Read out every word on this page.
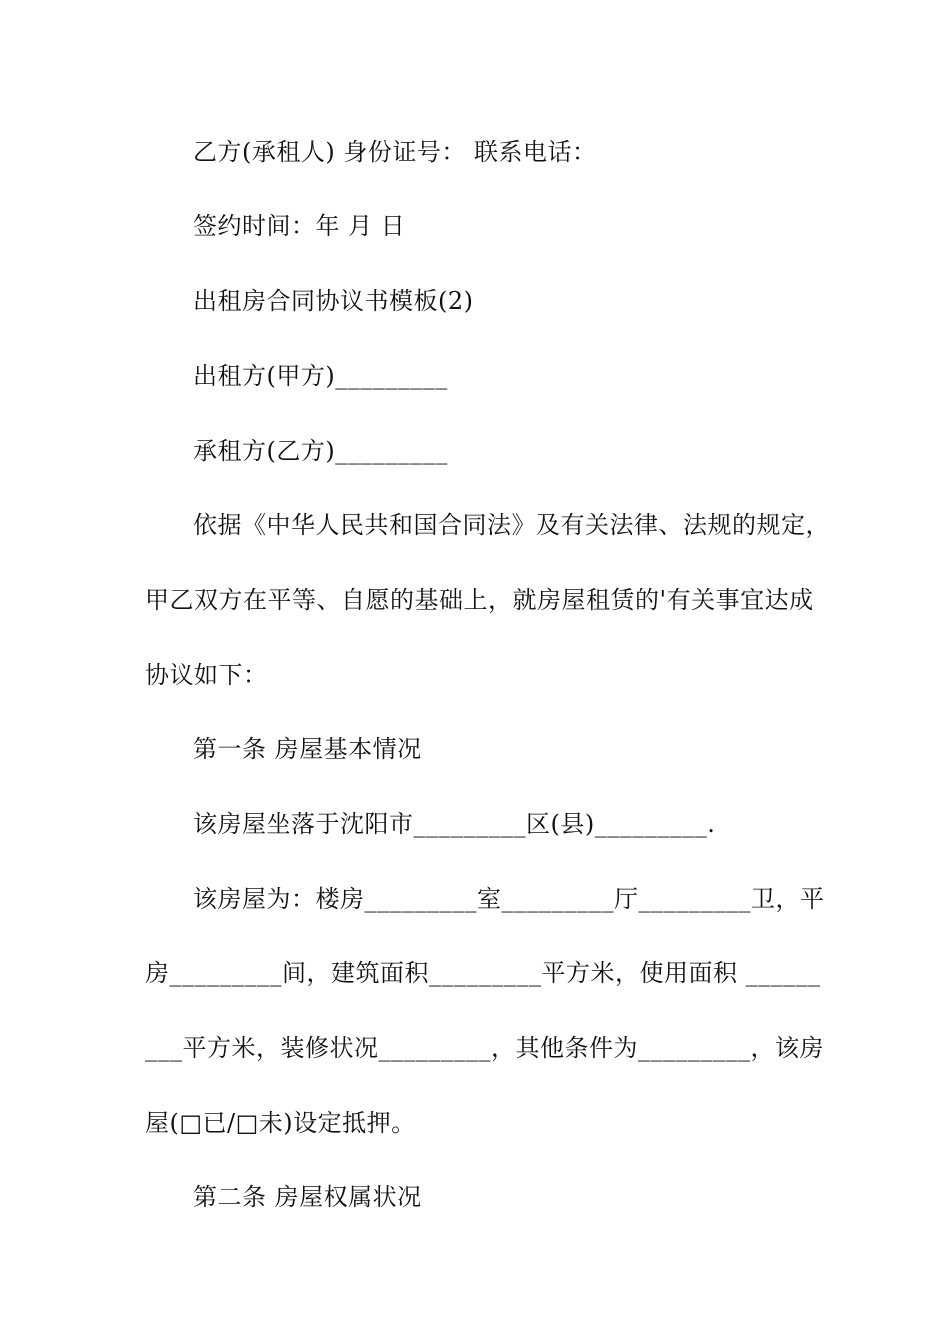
乙方(承租人) 身份证号： 联系电话：
签约时间：年 月 日
出租房合同协议书模板(2)
出租方(甲方)_________
承租方(乙方)_________
依据《中华人民共和国合同法》及有关法律、法规的规定，
甲乙双方在平等、自愿的基础上，就房屋租赁的'有关事宜达成
协议如下：
第一条 房屋基本情况
该房屋坐落于沈阳市_________区(县)_________.
该房屋为：楼房_________室_________厅_________卫，平
房_________间，建筑面积_________平方米，使用面积 ______
___平方米，装修状况_________，其他条件为_________，该房
屋(□已/□未)设定抵押。
第二条 房屋权属状况
